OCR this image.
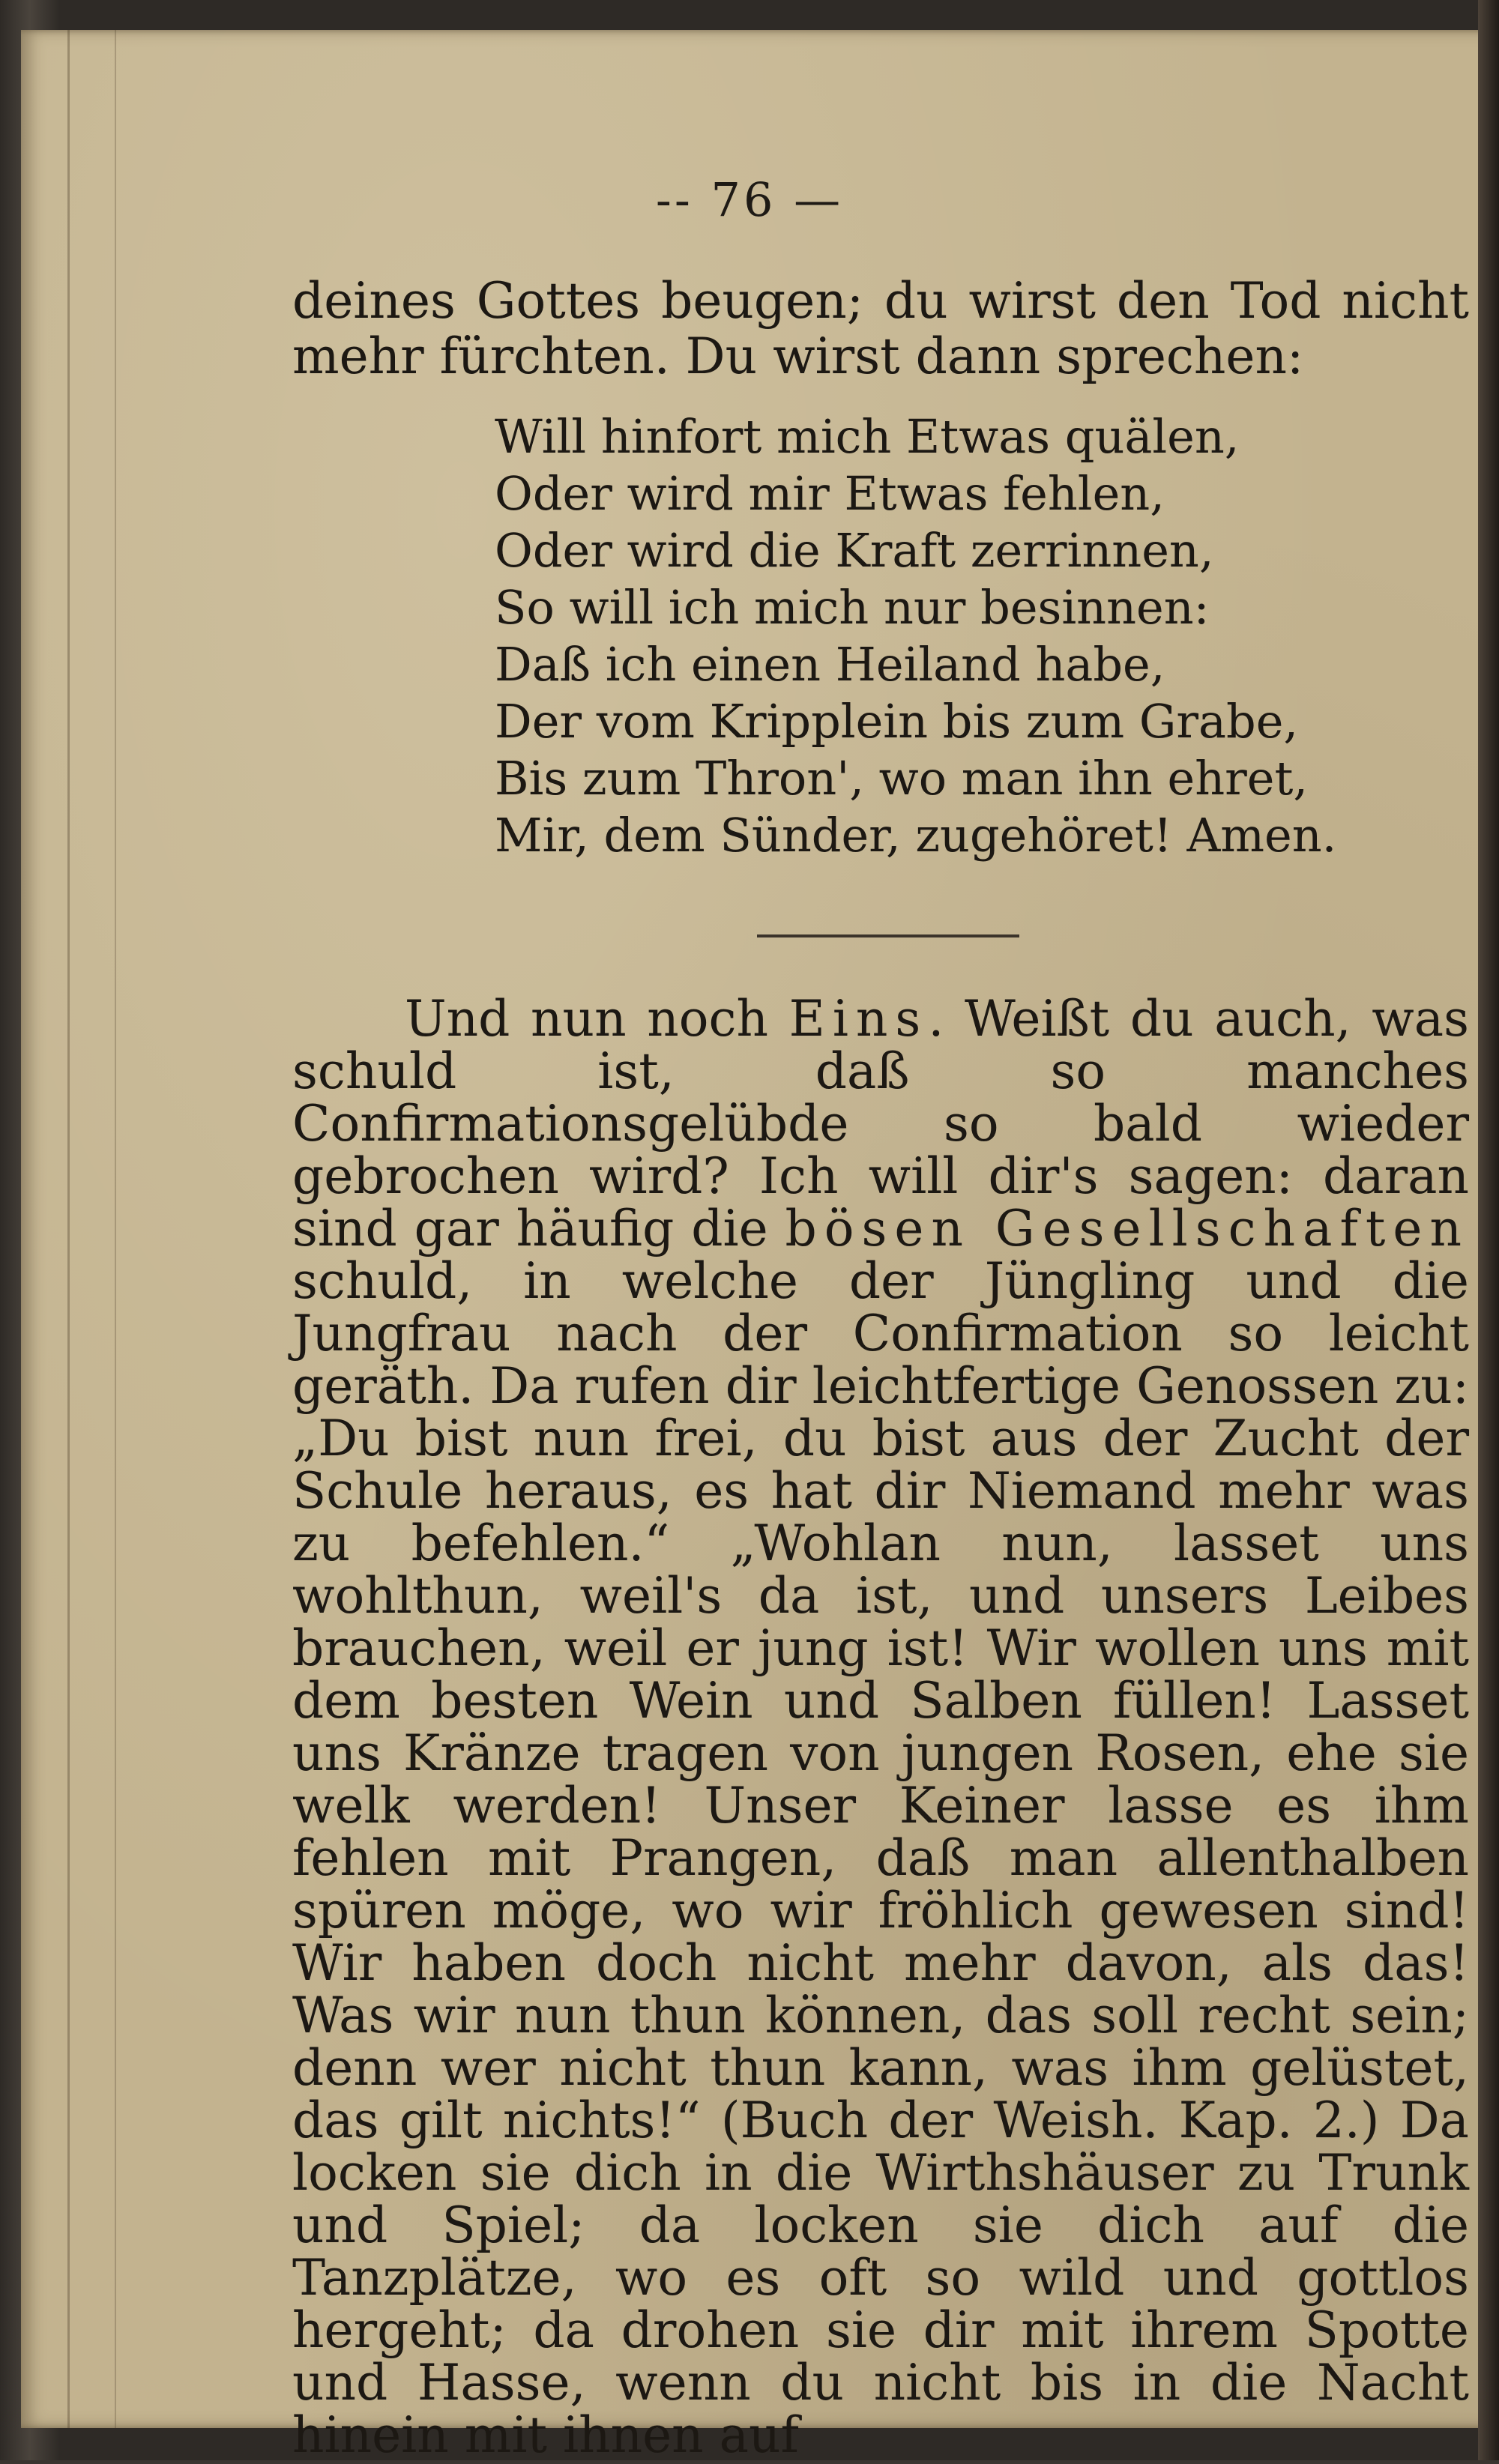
-- 76 —

deines Gottes beugen; du wirst den Tod nicht mehr fürchten. Du wirst dann sprechen:

Will hinfort mich Etwas quälen,
Oder wird mir Etwas fehlen,
Oder wird die Kraft zerrinnen,
So will ich mich nur besinnen:
Daß ich einen Heiland habe,
Der vom Kripplein bis zum Grabe,
Bis zum Thron', wo man ihn ehret,
Mir, dem Sünder, zugehöret! Amen.

Und nun noch Eins. Weißt du auch, was schuld ist, daß so manches Confirmationsgelübde so bald wieder gebrochen wird? Ich will dir's sagen: daran sind gar häufig die bösen Gesellschaften schuld, in welche der Jüngling und die Jungfrau nach der Confirmation so leicht geräth. Da rufen dir leichtfertige Genossen zu: „Du bist nun frei, du bist aus der Zucht der Schule heraus, es hat dir Niemand mehr was zu befehlen.“ „Wohlan nun, lasset uns wohlthun, weil's da ist, und unsers Leibes brauchen, weil er jung ist! Wir wollen uns mit dem besten Wein und Salben füllen! Lasset uns Kränze tragen von jungen Rosen, ehe sie welk werden! Unser Keiner lasse es ihm fehlen mit Prangen, daß man allenthalben spüren möge, wo wir fröhlich gewesen sind! Wir haben doch nicht mehr davon, als das! Was wir nun thun können, das soll recht sein; denn wer nicht thun kann, was ihm gelüstet, das gilt nichts!“ (Buch der Weish. Kap. 2.) Da locken sie dich in die Wirthshäuser zu Trunk und Spiel; da locken sie dich auf die Tanzplätze, wo es oft so wild und gottlos hergeht; da drohen sie dir mit ihrem Spotte und Hasse, wenn du nicht bis in die Nacht hinein mit ihnen auf
